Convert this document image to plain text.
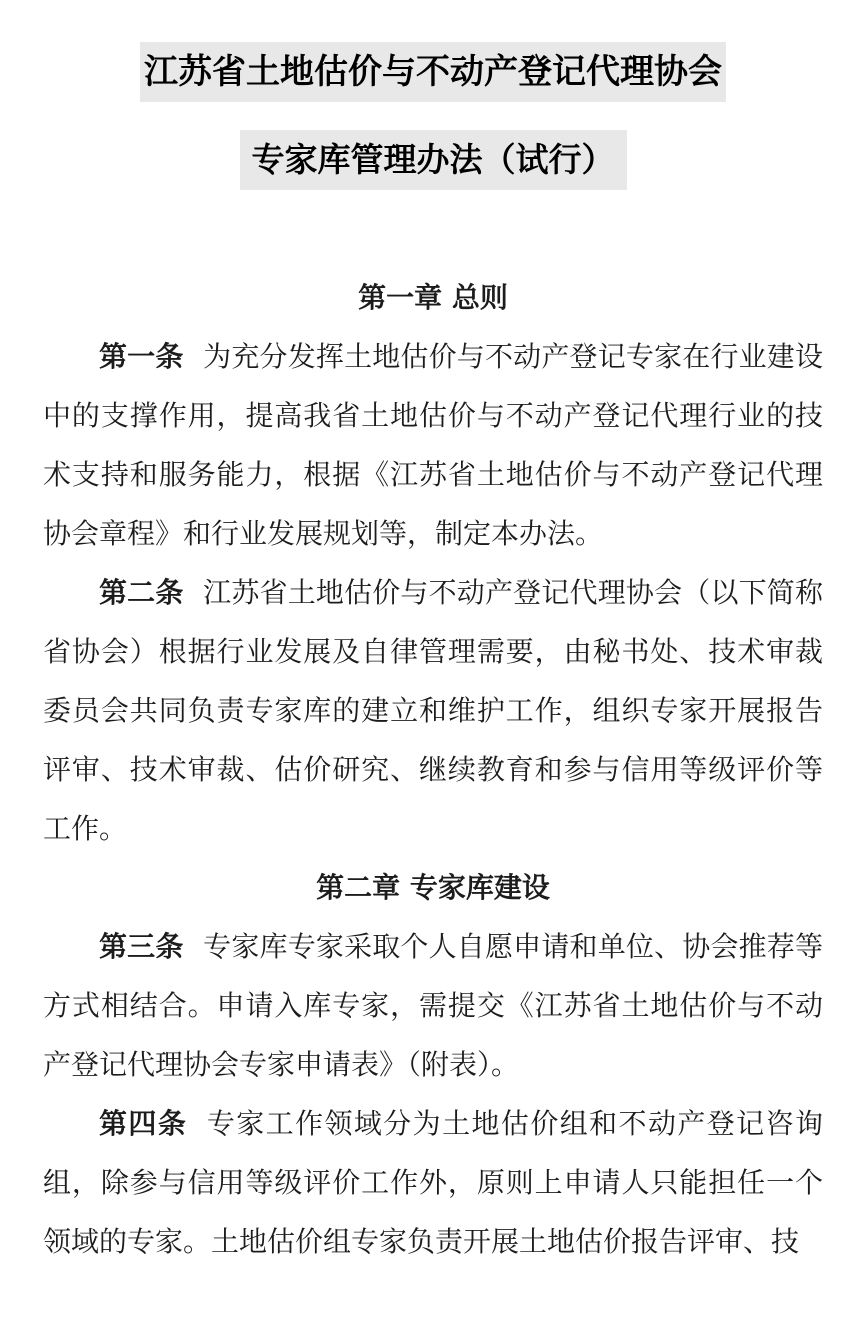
江苏省土地估价与不动产登记代理协会
专家库管理办法（试行）
第一章 总则

第一条 为充分发挥土地估价与不动产登记专家在行业建设中的支撑作用，提高我省土地估价与不动产登记代理行业的技术支持和服务能力，根据《江苏省土地估价与不动产登记代理协会章程》和行业发展规划等，制定本办法。

第二条 江苏省土地估价与不动产登记代理协会（以下简称省协会）根据行业发展及自律管理需要，由秘书处、技术审裁委员会共同负责专家库的建立和维护工作，组织专家开展报告评审、技术审裁、估价研究、继续教育和参与信用等级评价等工作。

第二章 专家库建设

第三条 专家库专家采取个人自愿申请和单位、协会推荐等方式相结合。申请入库专家，需提交《江苏省土地估价与不动产登记代理协会专家申请表》（附表）。

第四条 专家工作领域分为土地估价组和不动产登记咨询组，除参与信用等级评价工作外，原则上申请人只能担任一个领域的专家。土地估价组专家负责开展土地估价报告评审、技
